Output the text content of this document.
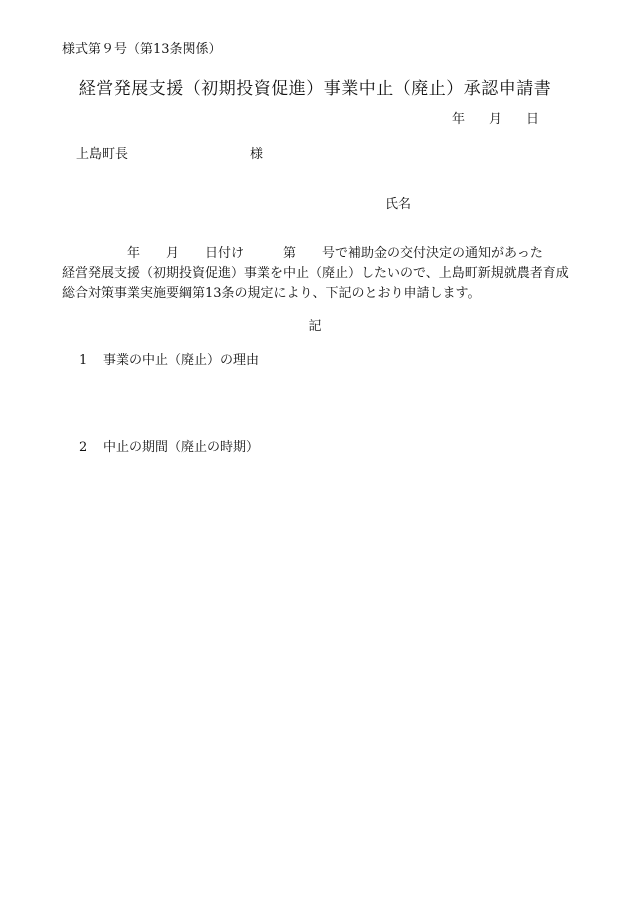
様式第９号（第13条関係）
経営発展支援（初期投資促進）事業中止（廃止）承認申請書
年 月 日
上島町長	様
氏名
　　　　　年　　月　　日付け　　　第　　号で補助金の交付決定の通知があった
経営発展支援（初期投資促進）事業を中止（廃止）したいので、上島町新規就農者育成
総合対策事業実施要綱第13条の規定により、下記のとおり申請します。
記
1 事業の中止（廃止）の理由
2 中止の期間（廃止の時期）
